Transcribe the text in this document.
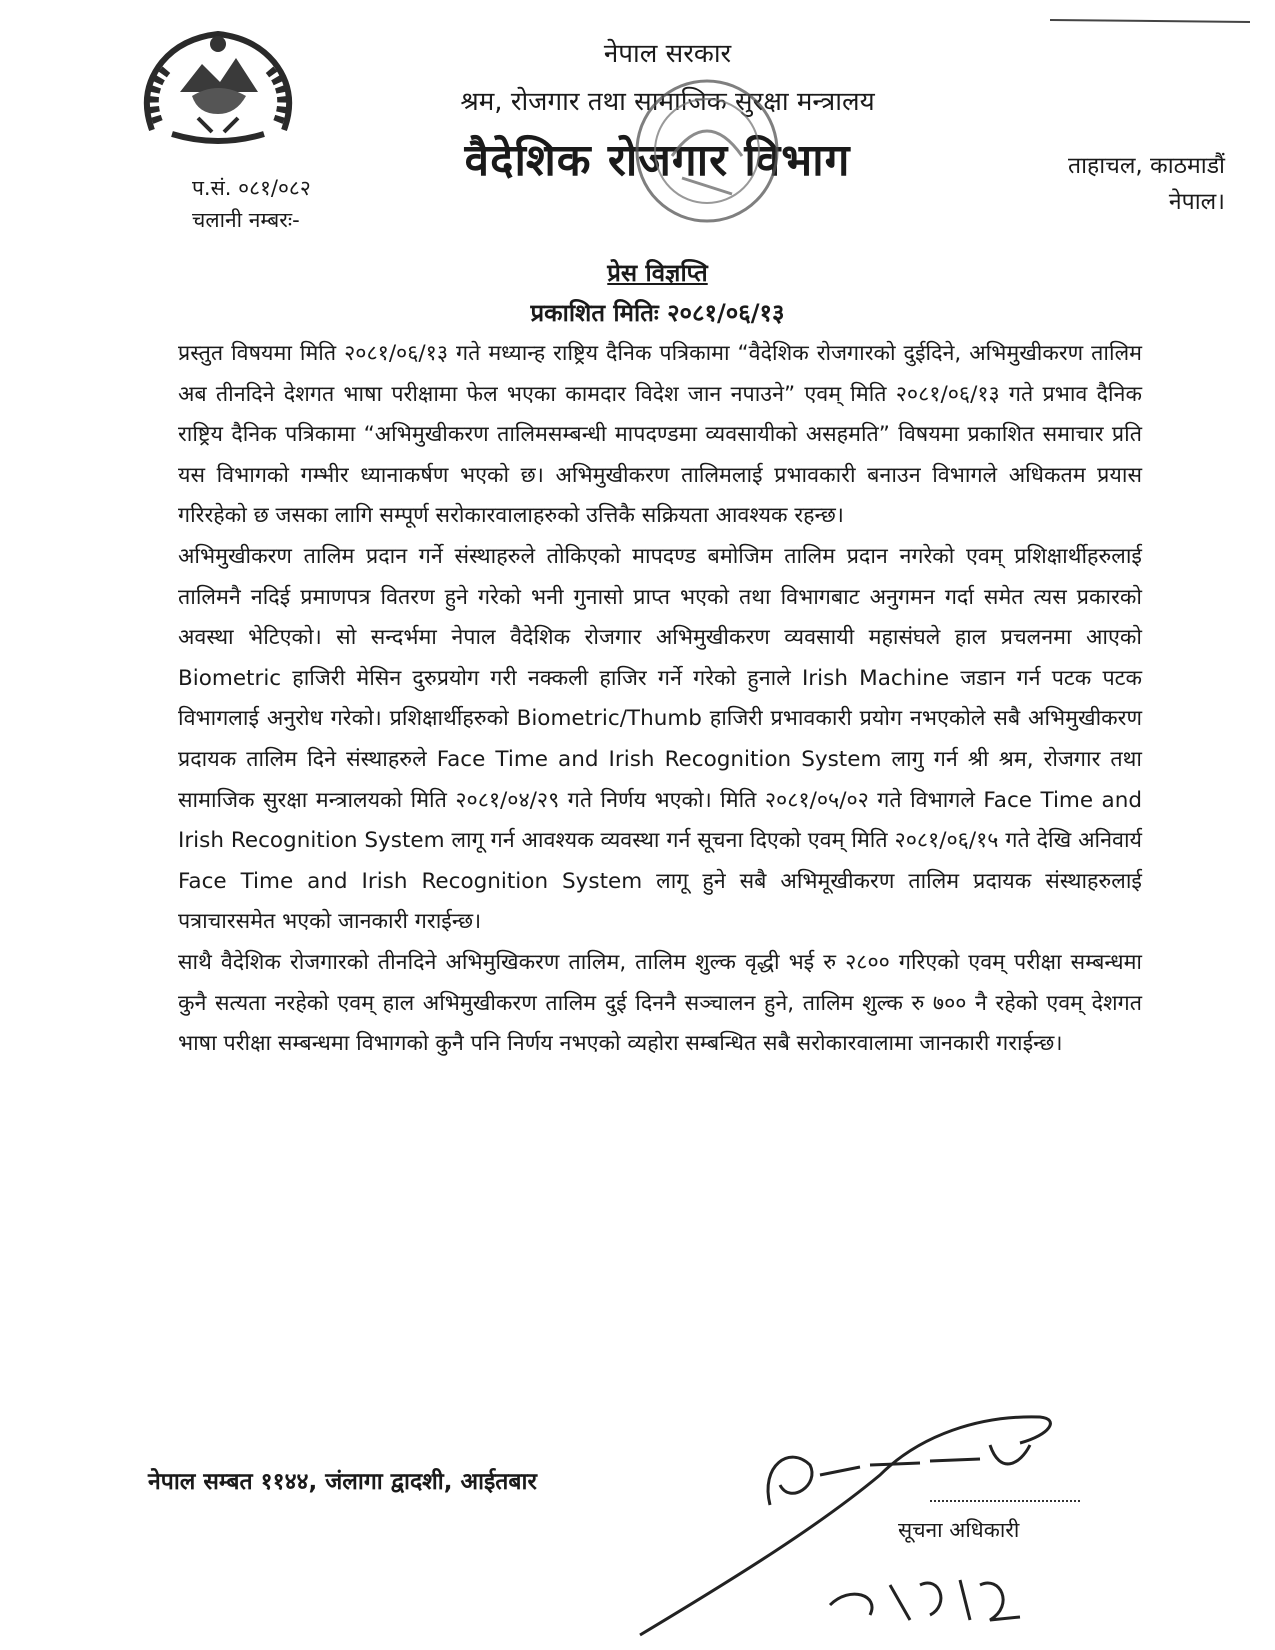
नेपाल सरकार
श्रम, रोजगार तथा सामाजिक सुरक्षा मन्त्रालय
वैदेशिक रोजगार विभाग
प.सं. ०८१/०८२
चलानी नम्बरः-
ताहाचल, काठमाडौं
नेपाल।
प्रेस विज्ञप्ति
प्रकाशित मितिः २०८१/०६/१३

प्रस्तुत विषयमा मिति २०८१/०६/१३ गते मध्यान्ह राष्ट्रिय दैनिक पत्रिकामा “वैदेशिक रोजगारको दुईदिने, अभिमुखीकरण तालिम अब तीनदिने देशगत भाषा परीक्षामा फेल भएका कामदार विदेश जान नपाउने” एवम् मिति २०८१/०६/१३ गते प्रभाव दैनिक राष्ट्रिय दैनिक पत्रिकामा “अभिमुखीकरण तालिमसम्बन्धी मापदण्डमा व्यवसायीको असहमति” विषयमा प्रकाशित समाचार प्रति यस विभागको गम्भीर ध्यानाकर्षण भएको छ। अभिमुखीकरण तालिमलाई प्रभावकारी बनाउन विभागले अधिकतम प्रयास गरिरहेको छ जसका लागि सम्पूर्ण सरोकारवालाहरुको उत्तिकै सक्रियता आवश्यक रहन्छ।

अभिमुखीकरण तालिम प्रदान गर्ने संस्थाहरुले तोकिएको मापदण्ड बमोजिम तालिम प्रदान नगरेको एवम् प्रशिक्षार्थीहरुलाई तालिमनै नदिई प्रमाणपत्र वितरण हुने गरेको भनी गुनासो प्राप्त भएको तथा विभागबाट अनुगमन गर्दा समेत त्यस प्रकारको अवस्था भेटिएको। सो सन्दर्भमा नेपाल वैदेशिक रोजगार अभिमुखीकरण व्यवसायी महासंघले हाल प्रचलनमा आएको Biometric हाजिरी मेसिन दुरुप्रयोग गरी नक्कली हाजिर गर्ने गरेको हुनाले Irish Machine जडान गर्न पटक पटक विभागलाई अनुरोध गरेको। प्रशिक्षार्थीहरुको Biometric/Thumb हाजिरी प्रभावकारी प्रयोग नभएकोले सबै अभिमुखीकरण प्रदायक तालिम दिने संस्थाहरुले Face Time and Irish Recognition System लागु गर्न श्री श्रम, रोजगार तथा सामाजिक सुरक्षा मन्त्रालयको मिति २०८१/०४/२९ गते निर्णय भएको। मिति २०८१/०५/०२ गते विभागले Face Time and Irish Recognition System लागू गर्न आवश्यक व्यवस्था गर्न सूचना दिएको एवम् मिति २०८१/०६/१५ गते देखि अनिवार्य Face Time and Irish Recognition System लागू हुने सबै अभिमूखीकरण तालिम प्रदायक संस्थाहरुलाई पत्राचारसमेत भएको जानकारी गराईन्छ।

साथै वैदेशिक रोजगारको तीनदिने अभिमुखिकरण तालिम, तालिम शुल्क वृद्धी भई रु २८०० गरिएको एवम् परीक्षा सम्बन्धमा कुनै सत्यता नरहेको एवम् हाल अभिमुखीकरण तालिम दुई दिननै सञ्चालन हुने, तालिम शुल्क रु ७०० नै रहेको एवम् देशगत भाषा परीक्षा सम्बन्धमा विभागको कुनै पनि निर्णय नभएको व्यहोरा सम्बन्धित सबै सरोकारवालामा जानकारी गराईन्छ।

नेपाल सम्बत ११४४, जंलागा द्वादशी, आईतबार
सूचना अधिकारी
